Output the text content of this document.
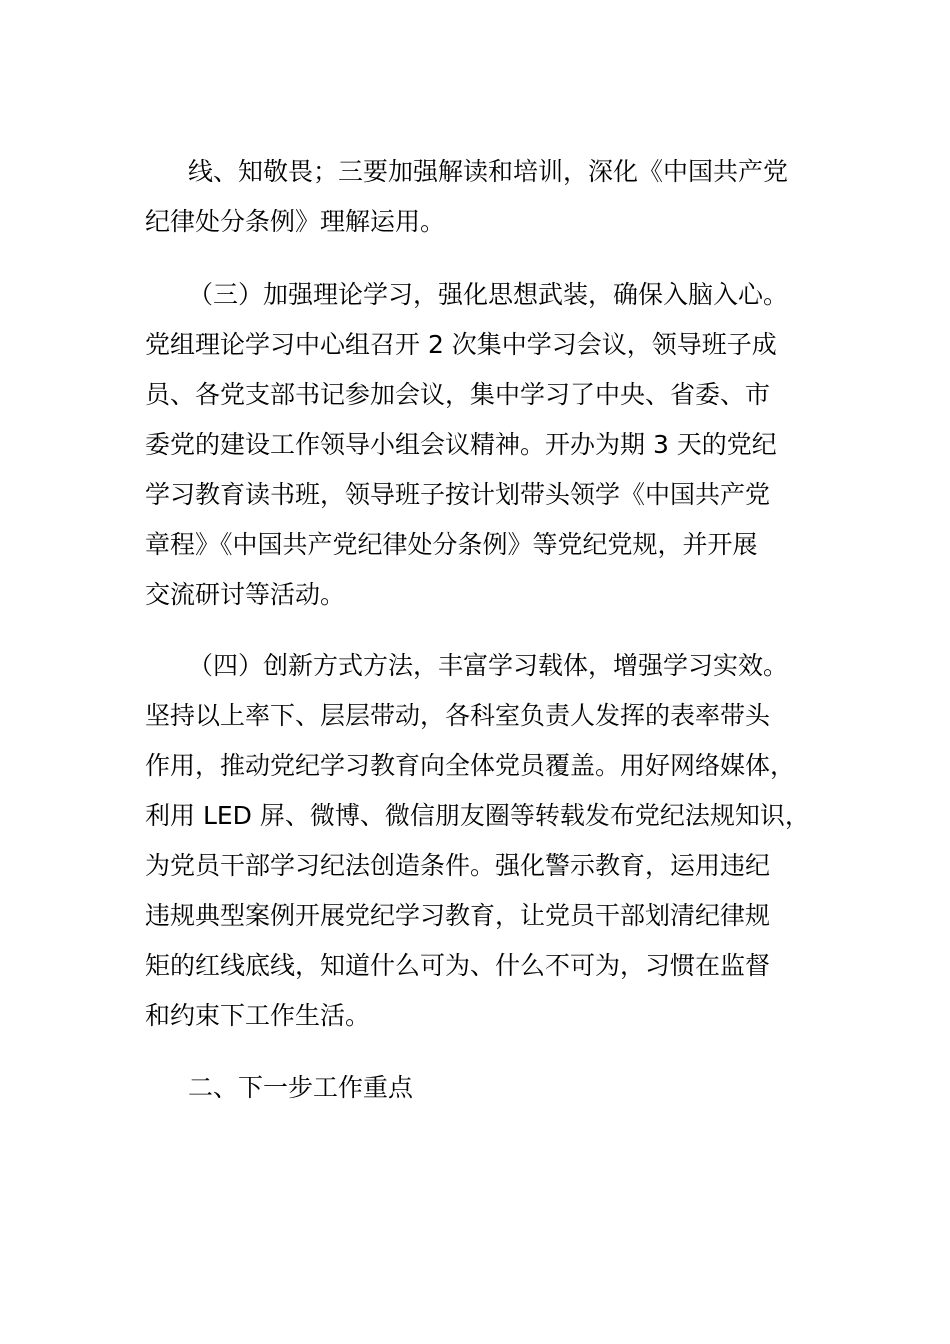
线、知敬畏；三要加强解读和培训，深化《中国共产党
纪律处分条例》理解运用。
（三）加强理论学习，强化思想武装，确保入脑入心。
党组理论学习中心组召开 2 次集中学习会议，领导班子成
员、各党支部书记参加会议，集中学习了中央、省委、市
委党的建设工作领导小组会议精神。开办为期 3 天的党纪
学习教育读书班，领导班子按计划带头领学《中国共产党
章程》《中国共产党纪律处分条例》等党纪党规，并开展
交流研讨等活动。
（四）创新方式方法，丰富学习载体，增强学习实效。
坚持以上率下、层层带动，各科室负责人发挥的表率带头
作用，推动党纪学习教育向全体党员覆盖。用好网络媒体，
利用 LED 屏、微博、微信朋友圈等转载发布党纪法规知识，
为党员干部学习纪法创造条件。强化警示教育，运用违纪
违规典型案例开展党纪学习教育，让党员干部划清纪律规
矩的红线底线，知道什么可为、什么不可为，习惯在监督
和约束下工作生活。
二、下一步工作重点
